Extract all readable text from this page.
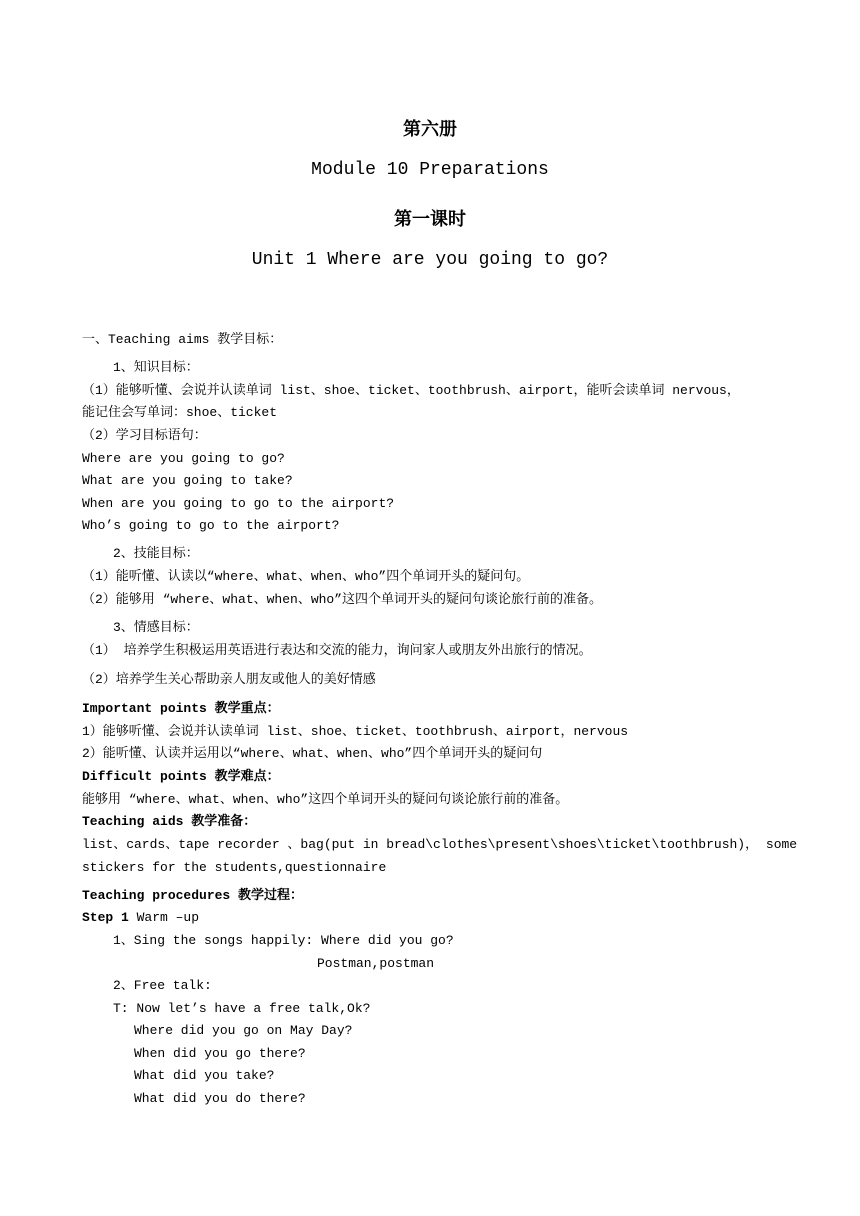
第六册
Module 10 Preparations
第一课时
Unit 1 Where are you going to go?
一、Teaching aims 教学目标：
1、知识目标：
（1）能够听懂、会说并认读单词 list、shoe、ticket、toothbrush、airport，能听会读单词 nervous，
能记住会写单词：shoe、ticket
（2）学习目标语句：
Where are you going to go?
What are you going to take?
When are you going to go to the airport?
Who’s going to go to the airport?
2、技能目标：
（1）能听懂、认读以“where、what、when、who”四个单词开头的疑问句。
（2）能够用 “where、what、when、who”这四个单词开头的疑问句谈论旅行前的准备。
3、情感目标：
（1） 培养学生积极运用英语进行表达和交流的能力，询问家人或朋友外出旅行的情况。
（2）培养学生关心帮助亲人朋友或他人的美好情感
Important points 教学重点：
1）能够听懂、会说并认读单词 list、shoe、ticket、toothbrush、airport，nervous
2）能听懂、认读并运用以“where、what、when、who”四个单词开头的疑问句
Difficult points 教学难点：
能够用 “where、what、when、who”这四个单词开头的疑问句谈论旅行前的准备。
Teaching aids 教学准备：
list、cards、tape recorder 、bag(put in bread\clothes\present\shoes\ticket\toothbrush)， some
stickers for the students,questionnaire
Teaching procedures 教学过程：
Step 1 Warm –up
1、Sing the songs happily: Where did you go?
Postman,postman
2、Free talk:
T: Now let’s have a free talk,Ok?
Where did you go on May Day?
When did you go there?
What did you take?
What did you do there?
